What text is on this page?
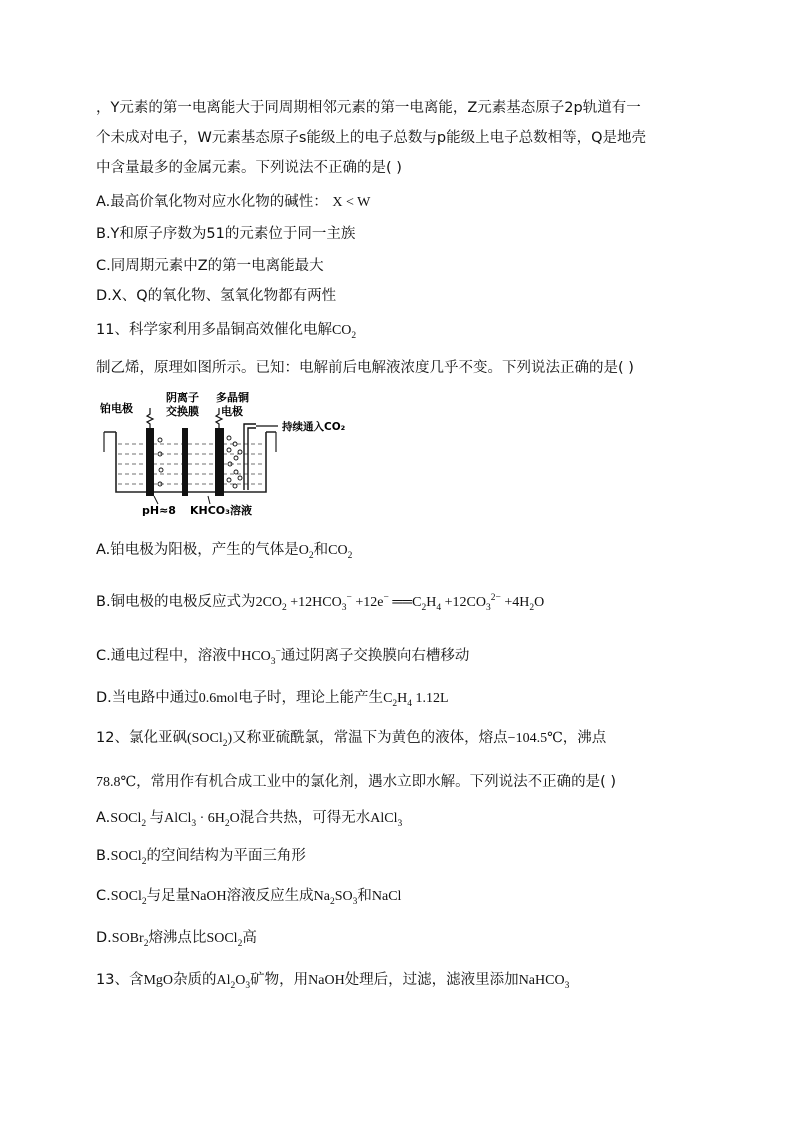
，Y元素的第一电离能大于同周期相邻元素的第一电离能，Z元素基态原子2p轨道有一
个未成对电子，W元素基态原子s能级上的电子总数与p能级上电子总数相等，Q是地壳
中含量最多的金属元素。下列说法不正确的是( )
A.最高价氧化物对应水化物的碱性： X < W
B.Y和原子序数为51的元素位于同一主族
C.同周期元素中Z的第一电离能最大
D.X、Q的氧化物、氢氧化物都有两性
11、科学家利用多晶铜高效催化电解$CO_2$
制乙烯，原理如图所示。已知：电解前后电解液浓度几乎不变。下列说法正确的是( )
铂电极
阴离子
交换膜
多晶铜
电极
持续通入CO₂
pH≈8 KHCO₃溶液
A.铂电极为阳极，产生的气体是$O_2$和$CO_2$
B.铜电极的电极反应式为$2CO_2 +12HCO_3^- +12e^-$ $══C_2H_4 +12CO_3^{2-} +4H_2O$
C.通电过程中，溶液中$HCO_3^-$通过阴离子交换膜向右槽移动
D.当电路中通过0.6mol电子时，理论上能产生$C_2H_4$ 1.12L
12、氯化亚砜(SOCl$_2$)又称亚硫酰氯，常温下为黄色的液体，熔点−104.5℃，沸点
78.8℃，常用作有机合成工业中的氯化剂，遇水立即水解。下列说法不正确的是( )
A.SOCl$_2$ 与AlCl$_3$ · $6H_2O$混合共热，可得无水AlCl$_3$
B.SOCl$_2$的空间结构为平面三角形
C.SOCl$_2$与足量NaOH溶液反应生成$Na_2SO_3$和NaCl
D.SOBr$_2$熔沸点比SOCl$_2$高
13、含MgO杂质的$Al_2O_3$矿物，用NaOH处理后，过滤，滤液里添加NaHCO$_3$
